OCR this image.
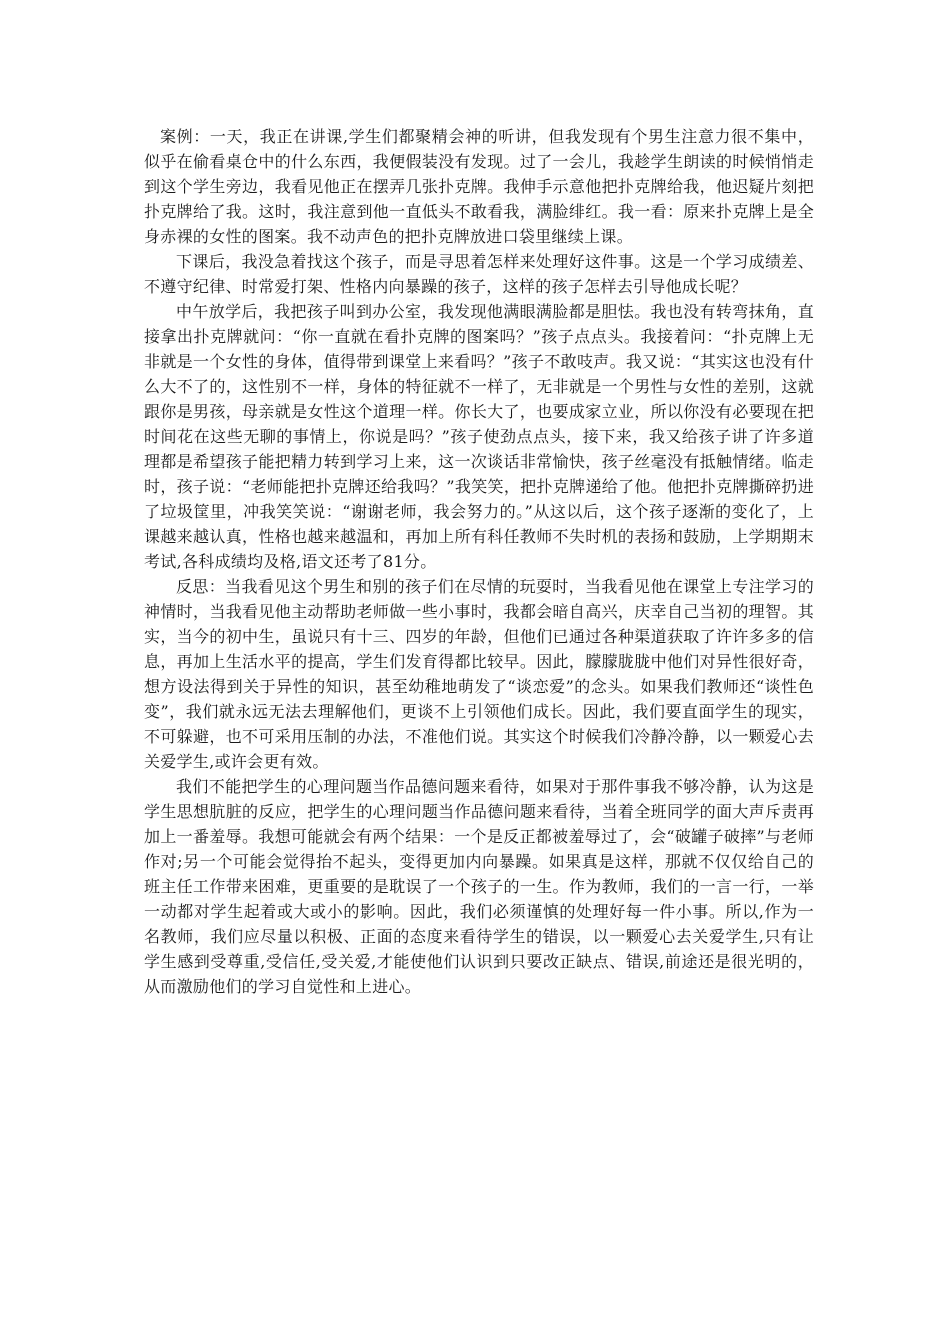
案例：一天，我正在讲课,学生们都聚精会神的听讲，但我发现有个男生注意力很不集中，似乎在偷看桌仓中的什么东西，我便假装没有发现。过了一会儿，我趁学生朗读的时候悄悄走到这个学生旁边，我看见他正在摆弄几张扑克牌。我伸手示意他把扑克牌给我，他迟疑片刻把扑克牌给了我。这时，我注意到他一直低头不敢看我，满脸绯红。我一看：原来扑克牌上是全身赤裸的女性的图案。我不动声色的把扑克牌放进口袋里继续上课。

下课后，我没急着找这个孩子，而是寻思着怎样来处理好这件事。这是一个学习成绩差、不遵守纪律、时常爱打架、性格内向暴躁的孩子，这样的孩子怎样去引导他成长呢？

中午放学后，我把孩子叫到办公室，我发现他满眼满脸都是胆怯。我也没有转弯抹角，直接拿出扑克牌就问：“你一直就在看扑克牌的图案吗？”孩子点点头。我接着问：“扑克牌上无非就是一个女性的身体，值得带到课堂上来看吗？”孩子不敢吱声。我又说：“其实这也没有什么大不了的，这性别不一样，身体的特征就不一样了，无非就是一个男性与女性的差别，这就跟你是男孩，母亲就是女性这个道理一样。你长大了，也要成家立业，所以你没有必要现在把时间花在这些无聊的事情上，你说是吗？”孩子使劲点点头，接下来，我又给孩子讲了许多道理都是希望孩子能把精力转到学习上来，这一次谈话非常愉快，孩子丝毫没有抵触情绪。临走时，孩子说：“老师能把扑克牌还给我吗？”我笑笑，把扑克牌递给了他。他把扑克牌撕碎扔进了垃圾筐里，冲我笑笑说：“谢谢老师，我会努力的。”从这以后，这个孩子逐渐的变化了，上课越来越认真，性格也越来越温和，再加上所有科任教师不失时机的表扬和鼓励，上学期期末考试,各科成绩均及格,语文还考了81分。

反思：当我看见这个男生和别的孩子们在尽情的玩耍时，当我看见他在课堂上专注学习的神情时，当我看见他主动帮助老师做一些小事时，我都会暗自高兴，庆幸自己当初的理智。其实，当今的初中生，虽说只有十三、四岁的年龄，但他们已通过各种渠道获取了许许多多的信息，再加上生活水平的提高，学生们发育得都比较早。因此，朦朦胧胧中他们对异性很好奇，想方设法得到关于异性的知识，甚至幼稚地萌发了“谈恋爱”的念头。如果我们教师还“谈性色变”，我们就永远无法去理解他们，更谈不上引领他们成长。因此，我们要直面学生的现实，不可躲避，也不可采用压制的办法，不准他们说。其实这个时候我们冷静冷静，以一颗爱心去关爱学生,或许会更有效。

我们不能把学生的心理问题当作品德问题来看待，如果对于那件事我不够冷静，认为这是学生思想肮脏的反应，把学生的心理问题当作品德问题来看待，当着全班同学的面大声斥责再加上一番羞辱。我想可能就会有两个结果：一个是反正都被羞辱过了，会“破罐子破摔”与老师作对;另一个可能会觉得抬不起头，变得更加内向暴躁。如果真是这样，那就不仅仅给自己的班主任工作带来困难，更重要的是耽误了一个孩子的一生。作为教师，我们的一言一行，一举一动都对学生起着或大或小的影响。因此，我们必须谨慎的处理好每一件小事。所以,作为一名教师，我们应尽量以积极、正面的态度来看待学生的错误，以一颗爱心去关爱学生,只有让学生感到受尊重,受信任,受关爱,才能使他们认识到只要改正缺点、错误,前途还是很光明的，从而激励他们的学习自觉性和上进心。
